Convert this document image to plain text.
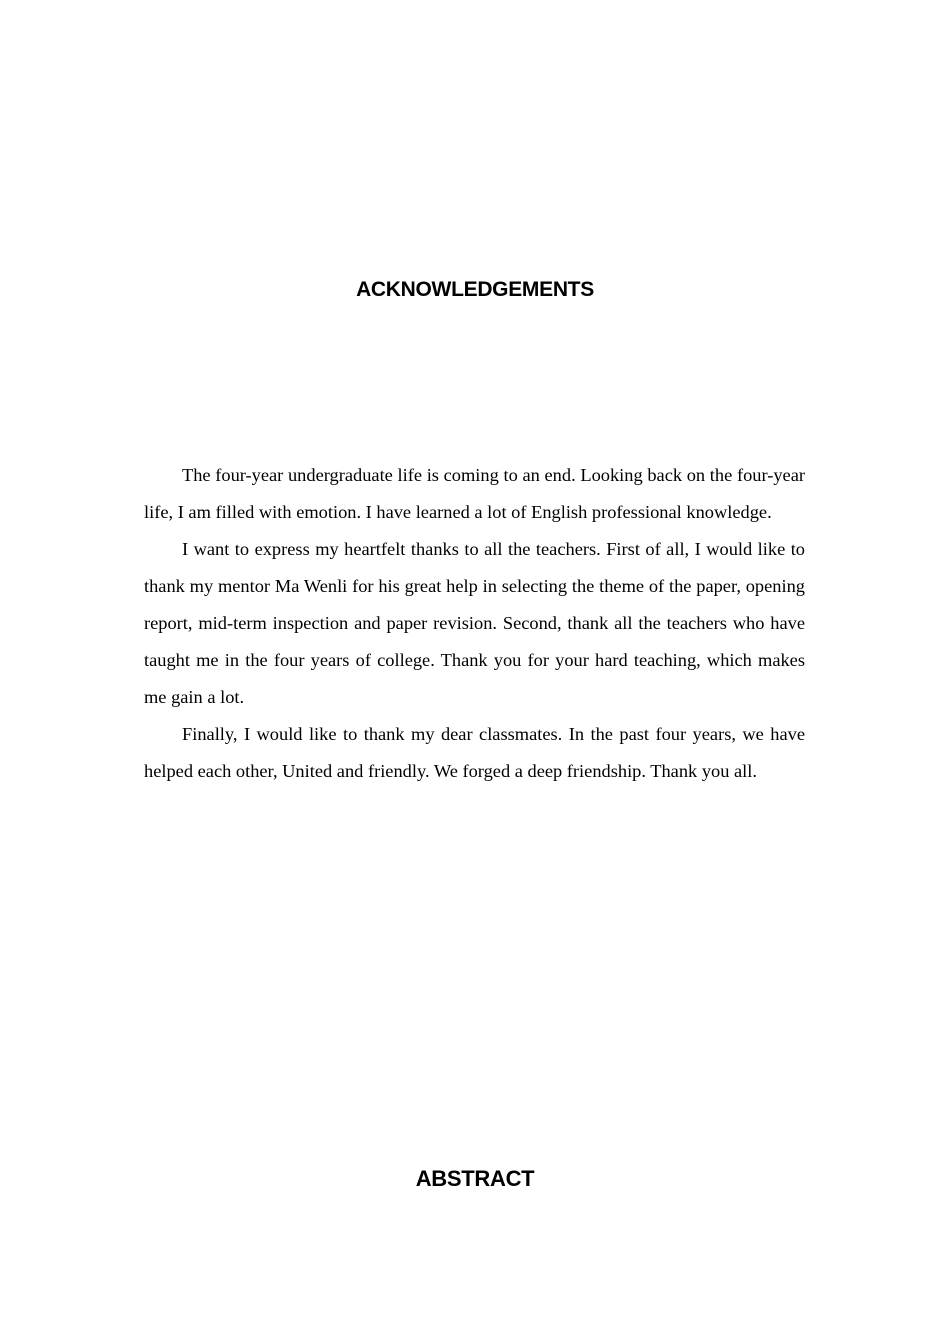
ACKNOWLEDGEMENTS

The four-year undergraduate life is coming to an end. Looking back on the four-year life, I am filled with emotion. I have learned a lot of English professional knowledge.

I want to express my heartfelt thanks to all the teachers. First of all, I would like to thank my mentor Ma Wenli for his great help in selecting the theme of the paper, opening report, mid-term inspection and paper revision. Second, thank all the teachers who have taught me in the four years of college. Thank you for your hard teaching, which makes me gain a lot.

Finally, I would like to thank my dear classmates. In the past four years, we have helped each other, United and friendly. We forged a deep friendship. Thank you all.

ABSTRACT
